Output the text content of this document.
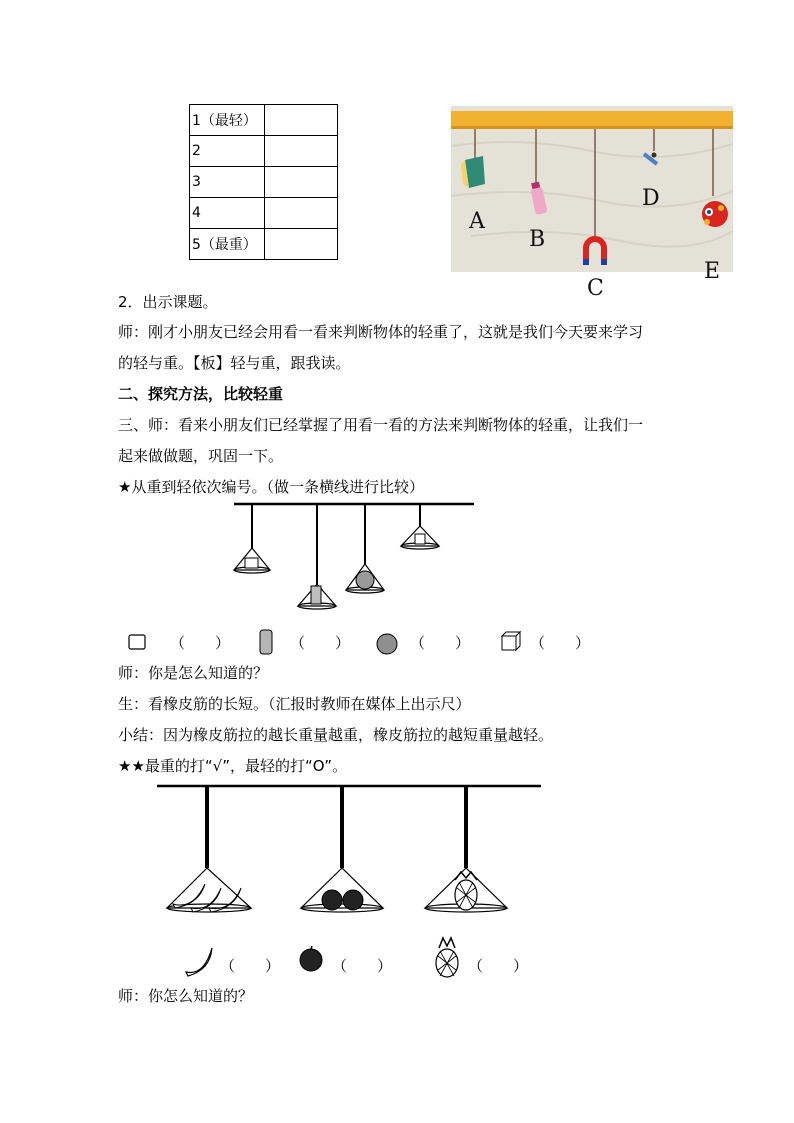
1（最轻）	
2	
3	
4	
5（最重）	
A
B
C
D
E
2．出示课题。
师：刚才小朋友已经会用看一看来判断物体的轻重了，这就是我们今天要来学习
的轻与重。【板】轻与重，跟我读。
二、探究方法，比较轻重
三、师：看来小朋友们已经掌握了用看一看的方法来判断物体的轻重，让我们一
起来做做题，巩固一下。
★从重到轻依次编号。（做一条横线进行比较）
（　　）	（　　）	（　　）	（　　）
师：你是怎么知道的？
生：看橡皮筋的长短。（汇报时教师在媒体上出示尺）
小结：因为橡皮筋拉的越长重量越重，橡皮筋拉的越短重量越轻。
★★最重的打“√”，最轻的打“O”。
（　　）	（　　）	（　　）
师：你怎么知道的？
